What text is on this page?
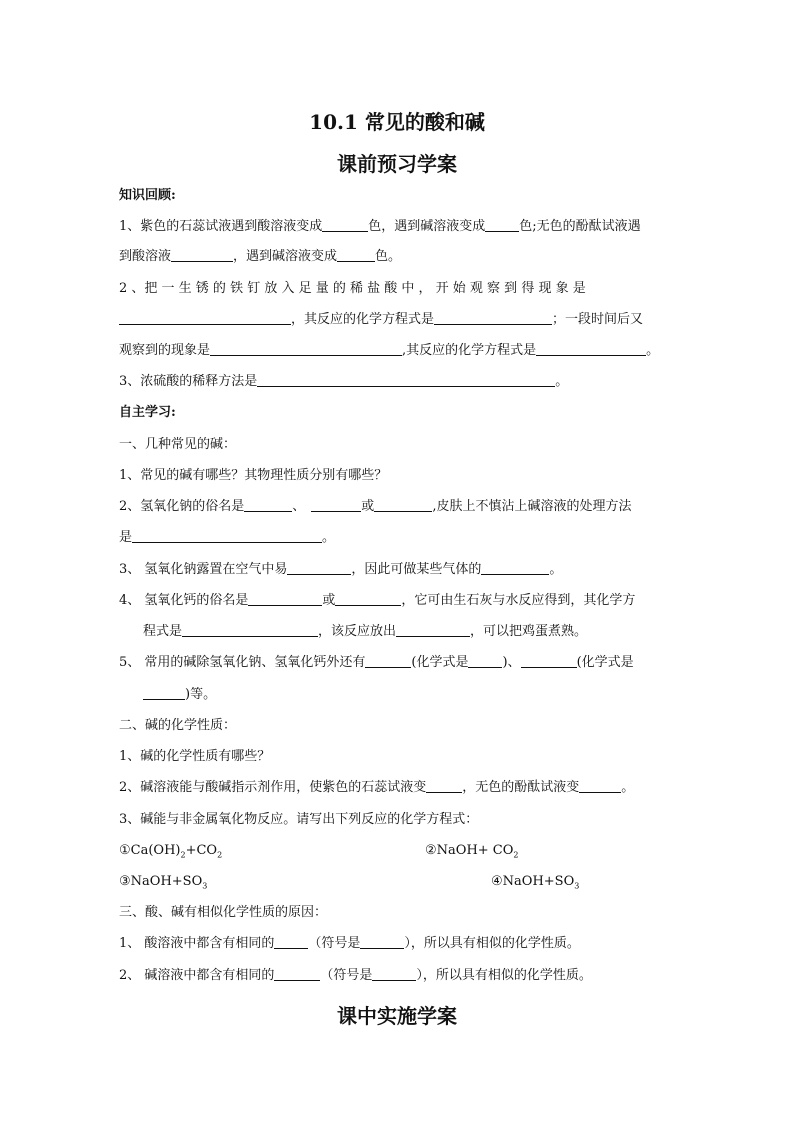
10.1 常见的酸和碱
课前预习学案
知识回顾:
1、紫色的石蕊试液遇到酸溶液变成	色，遇到碱溶液变成	色;无色的酚酞试液遇
到酸溶液	，遇到碱溶液变成	色。
2 、把 一 生 锈 的 铁 钉 放 入 足 量 的 稀 盐 酸 中 ， 开 始 观 察 到 得 现 象 是
，其反应的化学方程式是	；一段时间后又
观察到的现象是	,其反应的化学方程式是	。
3、浓硫酸的稀释方法是	。
自主学习:
一、几种常见的碱：
1、常见的碱有哪些？其物理性质分别有哪些？
2、氢氧化钠的俗名是	、	或	,皮肤上不慎沾上碱溶液的处理方法
是	。
3、 氢氧化钠露置在空气中易	，因此可做某些气体的	。
4、 氢氧化钙的俗名是	或	，它可由生石灰与水反应得到，其化学方
程式是	，该反应放出	，可以把鸡蛋煮熟。
5、 常用的碱除氢氧化钠、氢氧化钙外还有	(化学式是	)、	(化学式是
)等。
二、碱的化学性质：
1、碱的化学性质有哪些？
2、碱溶液能与酸碱指示剂作用，使紫色的石蕊试液变	，无色的酚酞试液变	。
3、碱能与非金属氧化物反应。请写出下列反应的化学方程式：
$①Ca(OH)_2+CO_2$	②NaOH+ $CO_2$
$③NaOH+SO_3$	$④NaOH+SO_3$
三、酸、碱有相似化学性质的原因：
1、 酸溶液中都含有相同的	（符号是	），所以具有相似的化学性质。
2、 碱溶液中都含有相同的	（符号是	），所以具有相似的化学性质。
课中实施学案
